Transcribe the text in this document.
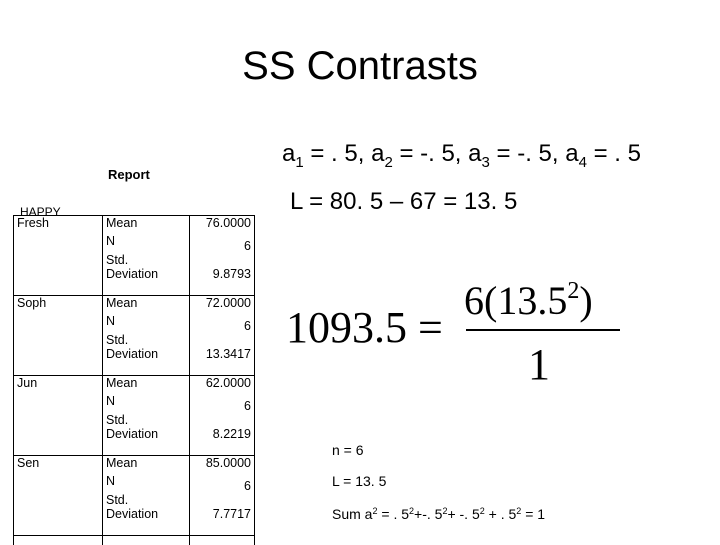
SS Contrasts
$a_1$ = . 5, $a_2$ = -. 5, $a_3$ = -. 5, $a_4$ = . 5
L = 80. 5 – 67 = 13. 5
Report
HAPPY
Fresh	Mean	76.0000
	N	6

	Std.
Deviation	9.8793
Soph	Mean	72.0000
	N	6

	Std.
Deviation	13.3417
Jun	Mean	62.0000
	N	6

	Std.
Deviation	8.2219
Sen	Mean	85.0000
	N	6

	Std.
Deviation	7.7717

1093.5 =
$6(13.5^2)$
1
n = 6
L = 13. 5
Sum $a^2$ = . $5^2+-$. $5^2+$ -. $5^2$ + . $5^2 = 1$
